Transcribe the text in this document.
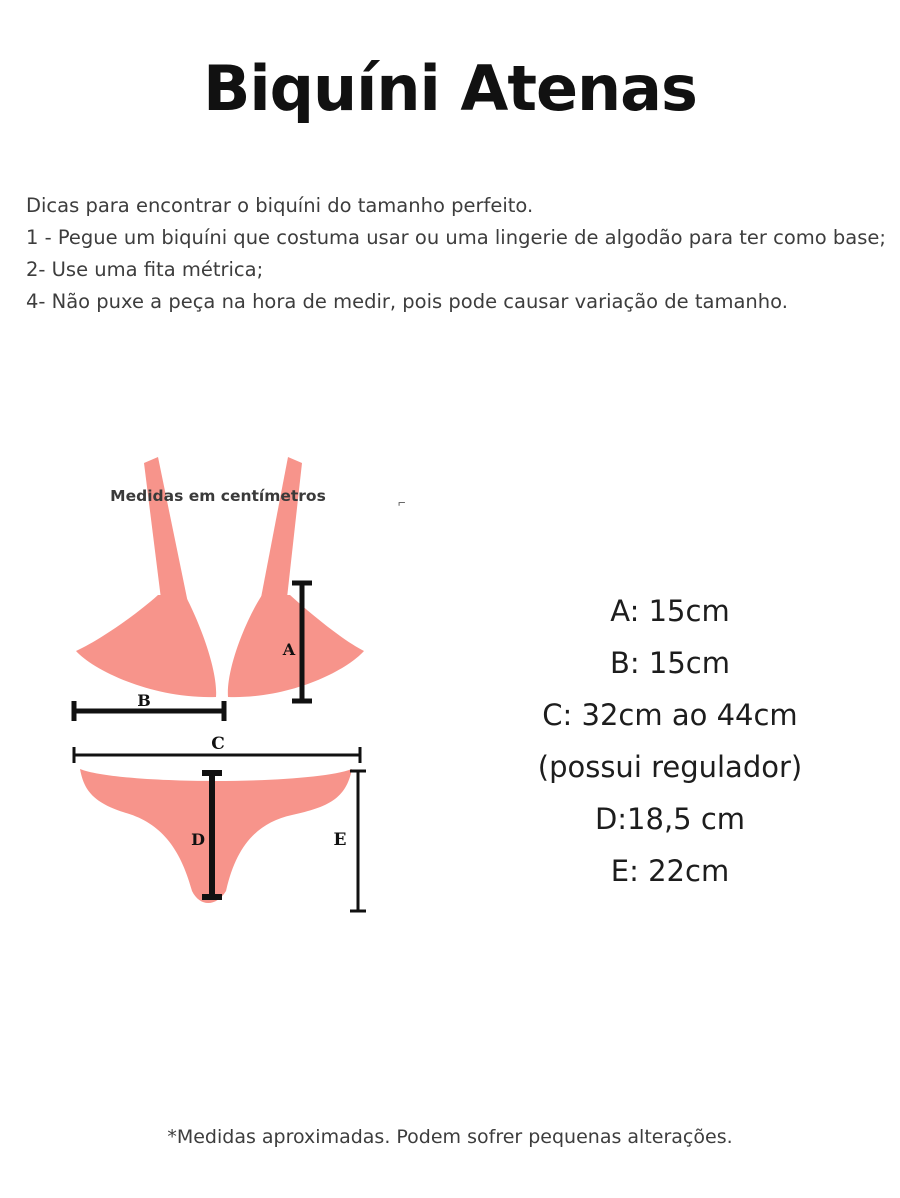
Biquíni Atenas

Dicas para encontrar o biquíni do tamanho perfeito.

1 - Pegue um biquíni que costuma usar ou uma lingerie de algodão para ter como base;

2- Use uma fita métrica;

4- Não puxe a peça na hora de medir, pois pode causar variação de tamanho.

⌐
A
B
C
D	E
Medidas em centímetros
A: 15cm
B: 15cm
C: 32cm ao 44cm
(possui regulador)
D:18,5 cm
E: 22cm
*Medidas aproximadas. Podem sofrer pequenas alterações.
